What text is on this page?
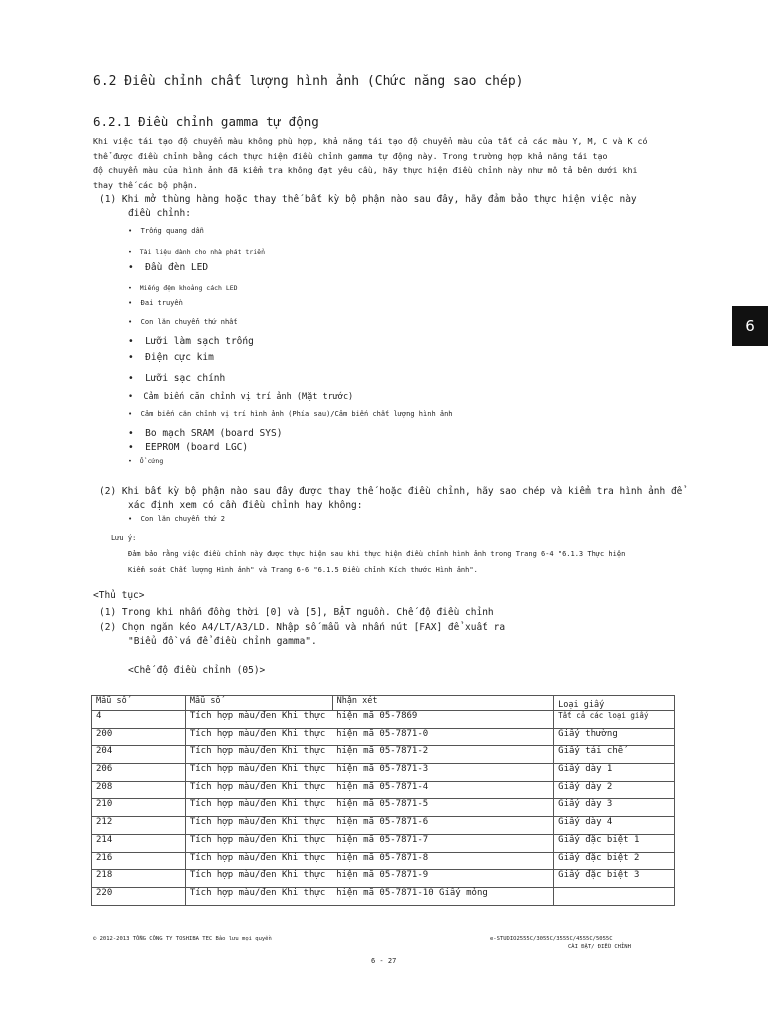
6.2 Điều chỉnh chất lượng hình ảnh (Chức năng sao chép)
6.2.1 Điều chỉnh gamma tự động
6
Khi việc tái tạo độ chuyển màu không phù hợp, khả năng tái tạo độ chuyển màu của tất cả các màu Y, M, C và K có
thể được điều chỉnh bằng cách thực hiện điều chỉnh gamma tự động này. Trong trường hợp khả năng tái tạo
độ chuyển màu của hình ảnh đã kiểm tra không đạt yêu cầu, hãy thực hiện điều chỉnh này như mô tả bên dưới khi
thay thế các bộ phận.
(1) Khi mở thùng hàng hoặc thay thế bất kỳ bộ phận nào sau đây, hãy đảm bảo thực hiện việc này
điều chỉnh:
•  Trống quang dẫn
•  Tài liệu dành cho nhà phát triển
•  Đầu đèn LED
•  Miếng đệm khoảng cách LED
•  Đai truyền
•  Con lăn chuyển thứ nhất
•  Lưỡi làm sạch trống
•  Điện cực kim
•  Lưỡi sạc chính
•  Cảm biến căn chỉnh vị trí ảnh (Mặt trước)
•  Cảm biến căn chỉnh vị trí hình ảnh (Phía sau)/Cảm biến chất lượng hình ảnh
•  Bo mạch SRAM (board SYS)
•  EEPROM (board LGC)
•  Ổ cứng
(2) Khi bất kỳ bộ phận nào sau đây được thay thế hoặc điều chỉnh, hãy sao chép và kiểm tra hình ảnh để
xác định xem có cần điều chỉnh hay không:
•  Con lăn chuyển thứ 2
Lưu ý:
Đảm bảo rằng việc điều chỉnh này được thực hiện sau khi thực hiện điều chỉnh hình ảnh trong Trang 6-4 "6.1.3 Thực hiện
Kiểm soát Chất lượng Hình ảnh" và Trang 6-6 "6.1.5 Điều chỉnh Kích thước Hình ảnh".
<Thủ tục>
(1) Trong khi nhấn đồng thời [0] và [5], BẬT nguồn. Chế độ điều chỉnh
(2) Chọn ngăn kéo A4/LT/A3/LD. Nhập số mẫu và nhấn nút [FAX] để xuất ra
"Biểu đồ vá để điều chỉnh gamma".
<Chế độ điều chỉnh (05)>
Mẫu số	Mẫu số	Nhận xét	Loại giấy
4	Tích hợp màu/đen Khi thực	hiện mã 05-7869	Tất cả các loại giấy
200	Tích hợp màu/đen Khi thực	hiện mã 05-7871-0	Giấy thường
204	Tích hợp màu/đen Khi thực	hiện mã 05-7871-2	Giấy tái chế
206	Tích hợp màu/đen Khi thực	hiện mã 05-7871-3	Giấy dày 1
208	Tích hợp màu/đen Khi thực	hiện mã 05-7871-4	Giấy dày 2
210	Tích hợp màu/đen Khi thực	hiện mã 05-7871-5	Giấy dày 3
212	Tích hợp màu/đen Khi thực	hiện mã 05-7871-6	Giấy dày 4
214	Tích hợp màu/đen Khi thực	hiện mã 05-7871-7	Giấy đặc biệt 1
216	Tích hợp màu/đen Khi thực	hiện mã 05-7871-8	Giấy đặc biệt 2
218	Tích hợp màu/đen Khi thực	hiện mã 05-7871-9	Giấy đặc biệt 3
220	Tích hợp màu/đen Khi thực	hiện mã 05-7871-10 Giấy mỏng	
© 2012-2013 TỔNG CÔNG TY TOSHIBA TEC Bảo lưu mọi quyền	e-STUDIO2555C/3055C/3555C/4555C/5055C
CÀI ĐẶT/ ĐIỀU CHỈNH
6 - 27
